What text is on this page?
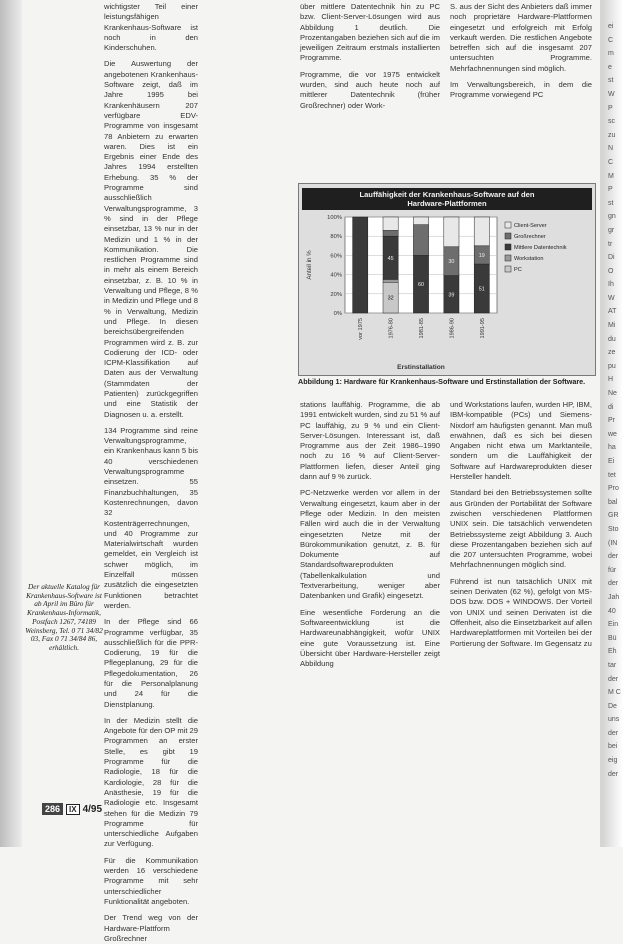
wichtigster Teil einer leistungsfähigen Krankenhaus-Software ist noch in den Kinderschuhen.

Die Auswertung der angebotenen Krankenhaus-Software zeigt, daß im Jahre 1995 bei Krankenhäusern 207 verfügbare EDV-Programme von insgesamt 78 Anbietern zu erwarten waren. Dies ist ein Ergebnis einer Ende des Jahres 1994 erstellten Erhebung. 35 % der Programme sind ausschließlich Verwaltungsprogramme, 3 % sind in der Pflege einsetzbar, 13 % nur in der Medizin und 1 % in der Kommunikation. Die restlichen Programme sind in mehr als einem Bereich einsetzbar, z. B. 10 % in Verwaltung und Pflege, 8 % in Medizin und Pflege und 8 % in Verwaltung, Medizin und Pflege. In diesen bereichsübergreifenden Programmen wird z. B. zur Codierung der ICD- oder ICPM-Klassifikation auf Daten aus der Verwaltung (Stammdaten der Patienten) zurückgegriffen und eine Statistik der Diagnosen u. a. erstellt.

134 Programme sind reine Verwaltungsprogramme, ein Krankenhaus kann 5 bis 40 verschiedenen Verwaltungsprogramme einsetzen. 55 Finanzbuchhaltungen, 35 Kostenrechnungen, davon 32 Kostenträgerrechnungen, und 40 Programme zur Materialwirtschaft wurden gemeldet, ein Vergleich ist schwer möglich, im Einzelfall müssen zusätzlich die eingesetzten Funktionen betrachtet werden.

In der Pflege sind 66 Programme verfügbar, 35 ausschließlich für die PPR-Codierung, 19 für die Pflegeplanung, 29 für die Pflegedokumentation, 26 für die Personalplanung und 24 für die Dienstplanung.

In der Medizin stellt die Angebote für den OP mit 29 Programmen an erster Stelle, es gibt 19 Programme für die Radiologie, 18 für die Kardiologie, 28 für die Anästhesie, 19 für die Radiologie etc. Insgesamt stehen für die Medizin 79 Programme für unterschiedliche Aufgaben zur Verfügung.

Für die Kommunikation werden 16 verschiedene Programme mit sehr unterschiedlicher Funktionalität angeboten.

Der Trend weg von der Hardware-Plattform Großrechner

über mittlere Datentechnik hin zu PC bzw. Client-Server-Lösungen wird aus Abbildung 1 deutlich. Die Prozentangaben beziehen sich auf die im jeweiligen Zeitraum erstmals installierten Programme.

Programme, die vor 1975 entwickelt wurden, sind auch heute noch auf mittlerer Datentechnik (früher Großrechner) oder Work-

S. aus der Sicht des Anbieters daß immer noch proprietäre Hardware-Plattformen eingesetzt und erfolgreich mit Erfolg verkauft werden. Die restlichen Angebote betreffen sich auf die insgesamt 207 untersuchten Programme. Mehrfachnennungen sind möglich.

Im Verwaltungsbereich, in dem die Programme vorwiegend PC

Lauffähigkeit der Krankenhaus-Software auf den
Hardware-Plattformen
0%
20%
40%
60%
80%
100%
32
45
60
39
30
51
19
vor 1975	1976-80	1981-85	1986-90	1991-95
Client-Server
Großrechner
Mittlere Datentechnik
Workstation
PC
Anteil in %
Erstinstallation
Abbildung 1: Hardware für Krankenhaus-Software und Erstinstallation der Software.

stations lauffähig. Programme, die ab 1991 entwickelt wurden, sind zu 51 % auf PC lauffähig, zu 9 % und ein Client-Server-Lösungen. Interessant ist, daß Programme aus der Zeit 1986–1990 noch zu 16 % auf Client-Server-Plattformen liefen, dieser Anteil ging dann auf 9 % zurück.

PC-Netzwerke werden vor allem in der Verwaltung eingesetzt, kaum aber in der Pflege oder Medizin. In den meisten Fällen wird auch die in der Verwaltung eingesetzten Netze mit der Bürokommunikation genutzt, z. B. für Dokumente auf Standardsoftwareprodukten (Tabellenkalkulation und Textverarbeitung, weniger aber Datenbanken und Grafik) eingesetzt.

Eine wesentliche Forderung an die Softwareentwicklung ist die Hardwareunabhängigkeit, wofür UNIX eine gute Voraussetzung ist. Eine Übersicht über Hardware-Hersteller zeigt Abbildung

und Workstations laufen, wurden HP, IBM, IBM-kompatible (PCs) und Siemens-Nixdorf am häufigsten genannt. Man muß erwähnen, daß es sich bei diesen Angaben nicht etwa um Marktanteile, sondern um die Lauffähigkeit der Software auf Hardwareprodukten dieser Hersteller handelt.

Standard bei den Betriebssystemen sollte aus Gründen der Portabilität der Software zwischen verschiedenen Plattformen UNIX sein. Die tatsächlich verwendeten Betriebssysteme zeigt Abbildung 3. Auch diese Prozentangaben beziehen sich auf die 207 untersuchten Programme, wobei Mehrfachnennungen möglich sind.

Führend ist nun tatsächlich UNIX mit seinen Derivaten (62 %), gefolgt von MS-DOS bzw. DOS + WINDOWS. Der Vorteil von UNIX und seinen Derivaten ist die Offenheit, also die Einsetzbarkeit auf allen Hardwareplattformen mit Vorteilen bei der Portierung der Software. Im Gegensatz zu

Der aktuelle Katalog für Krankenhaus-Software ist ab April im Büro für Krankenhaus-Informatik, Postfach 1267, 74189 Weinsberg, Tel. 0 71 34/82 03, Fax 0 71 34/84 86, erhältlich.
286	IX 4/95
ei
C
m
e
st
W
P
sc
zu
N
C
M
P
st
gn
gr
tr
Di
O
Ih
W
AT
Mi
du
ze
pu
H
Ne
di
Pr
we
ha
Ei
tet
Pro
bal
GR
Sto
(IN
der
für
der
Jah
40
Ein
Bü
Eh
tar
der
M C
De
uns
der
bei
eig
der
